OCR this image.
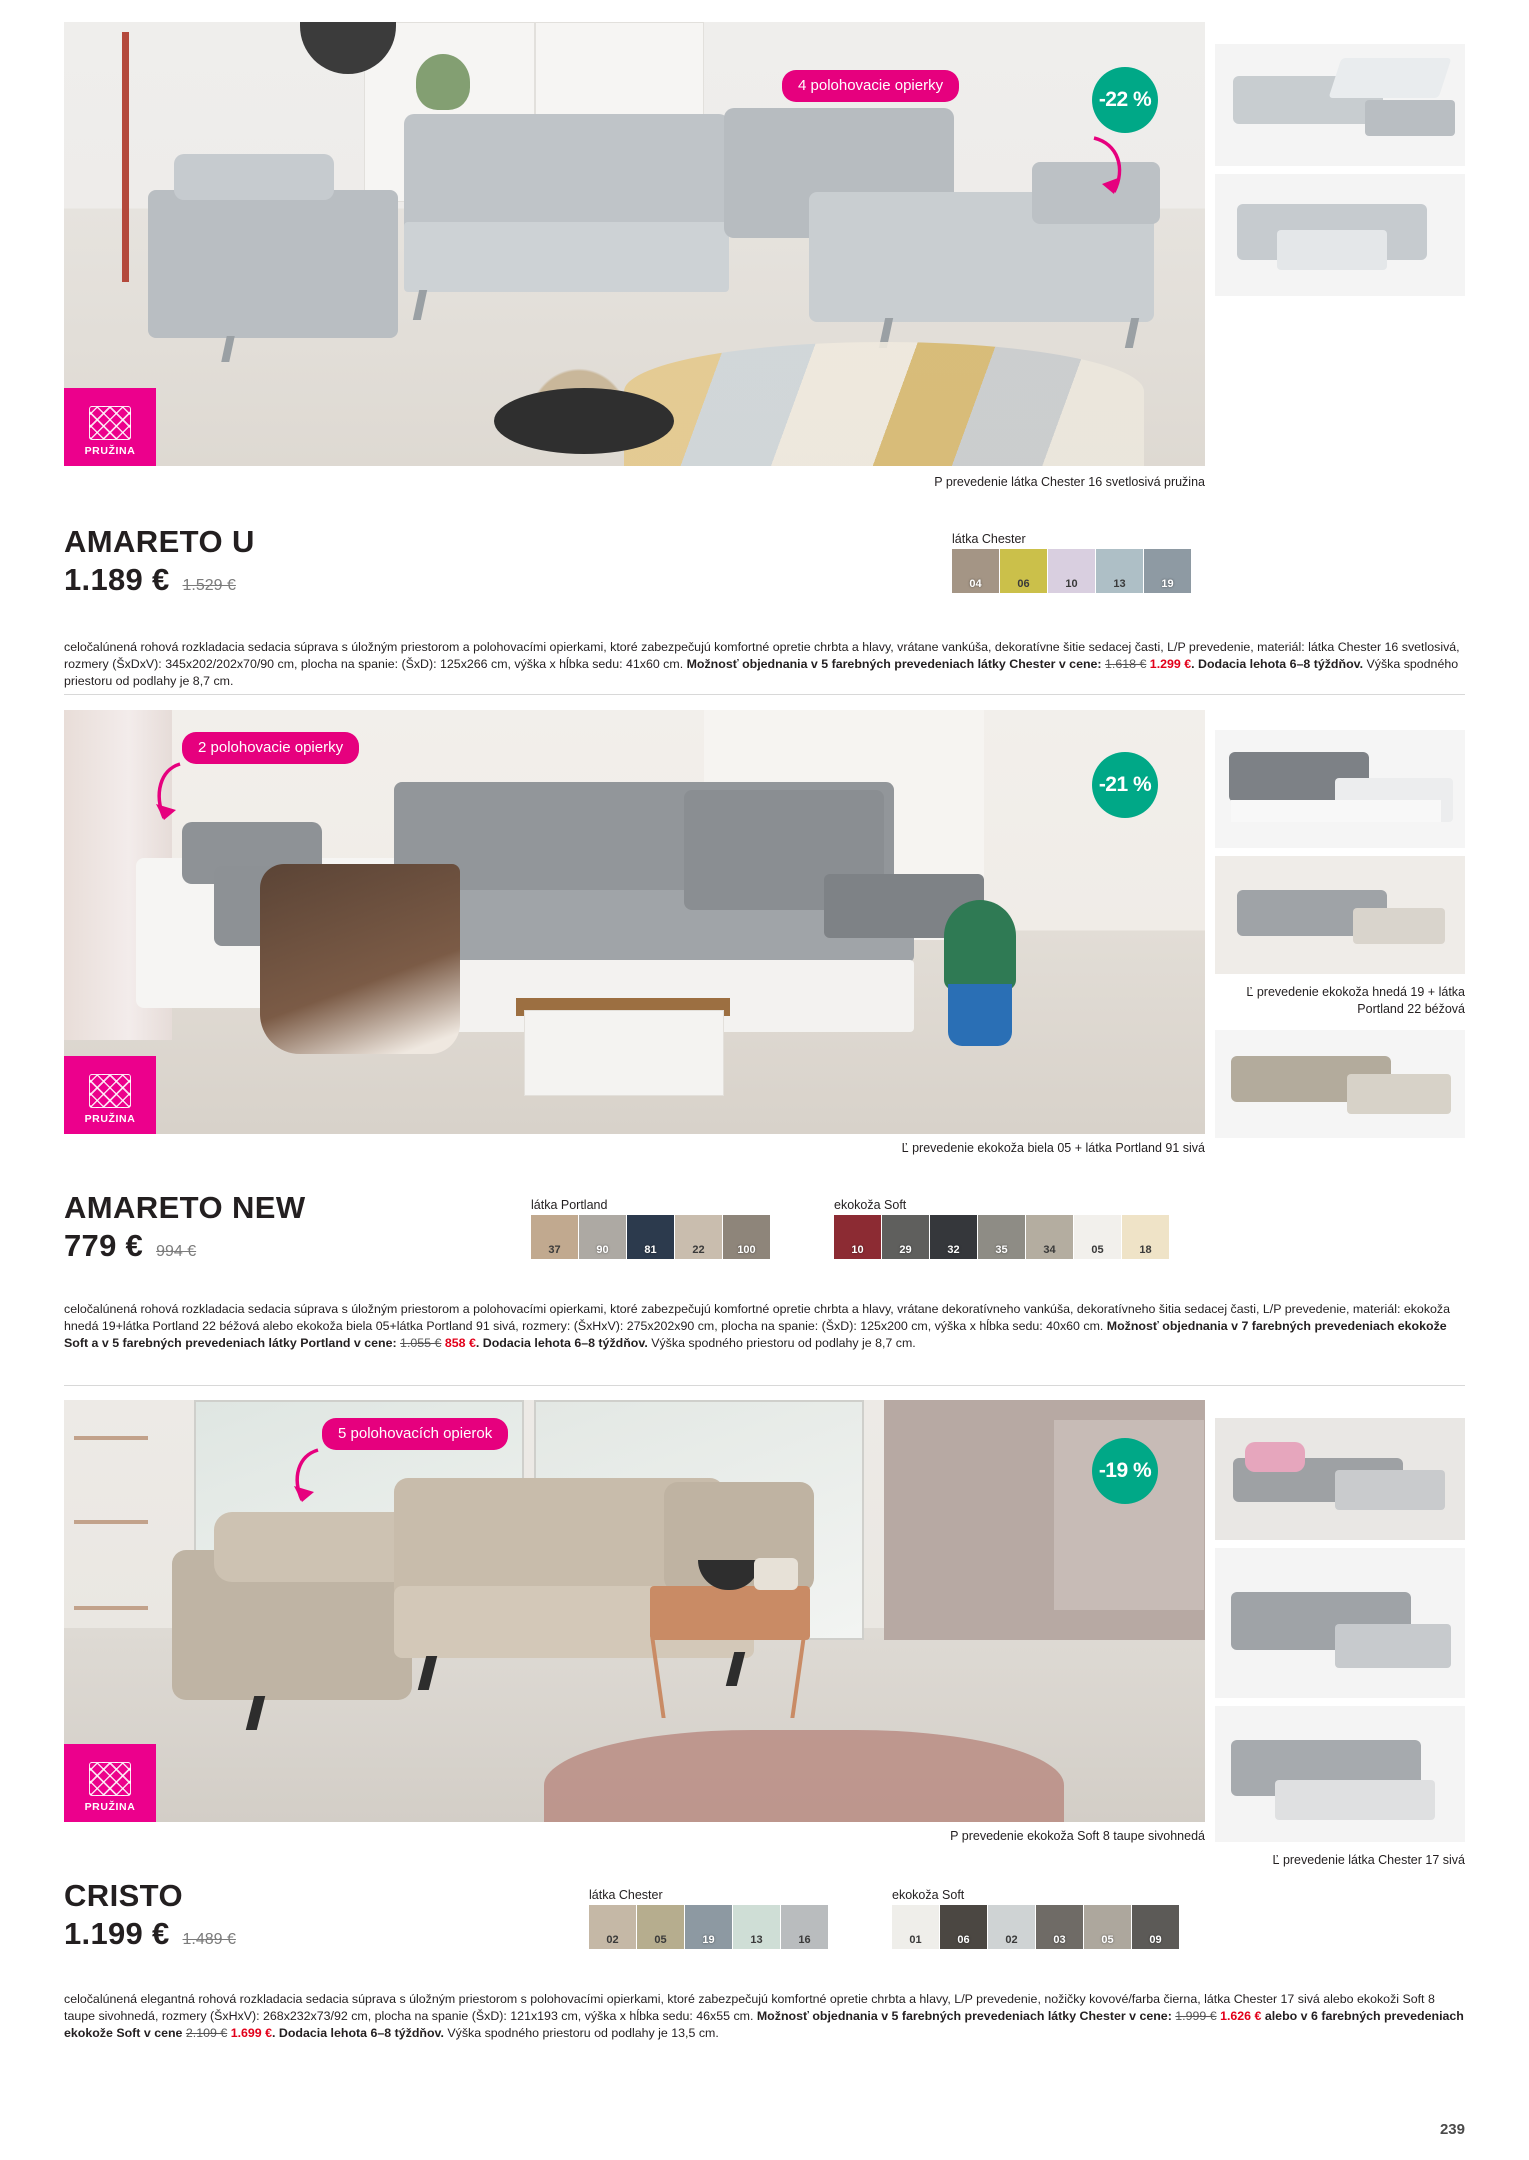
4 polohovacie opierky
-22 %
PRUŽINA
P prevedenie látka Chester 16 svetlosivá pružina
AMARETO U
1.189 € 1.529 €
látka Chester
04	06	10	13	19
celočalúnená rohová rozkladacia sedacia súprava s úložným priestorom a polohovacími opierkami, ktoré zabezpečujú komfortné opretie chrbta a hlavy, vrátane vankúša, dekoratívne šitie sedacej časti, L/P prevedenie, materiál: látka Chester 16 svetlosivá, rozmery (ŠxDxV): 345x202/202x70/90 cm, plocha na spanie: (ŠxD): 125x266 cm, výška x hĺbka sedu: 41x60 cm. Možnosť objednania v 5 farebných prevedeniach látky Chester v cene: 1.618 € 1.299 €. Dodacia lehota 6–8 týždňov. Výška spodného priestoru od podlahy je 8,7 cm.
2 polohovacie opierky
-21 %
PRUŽINA
Ľ prevedenie ekokoža hnedá 19 + látka Portland 22 béžová
Ľ prevedenie ekokoža biela 05 + látka Portland 91 sivá
AMARETO NEW
779 € 994 €
látka Portland
37	90	81	22	100
ekokoža Soft
10	29	32	35	34	05	18
celočalúnená rohová rozkladacia sedacia súprava s úložným priestorom a polohovacími opierkami, ktoré zabezpečujú komfortné opretie chrbta a hlavy, vrátane dekoratívneho vankúša, dekoratívneho šitia sedacej časti, L/P prevedenie, materiál: ekokoža hnedá 19+látka Portland 22 béžová alebo ekokoža biela 05+látka Portland 91 sivá, rozmery: (ŠxHxV): 275x202x90 cm, plocha na spanie: (ŠxD): 125x200 cm, výška x hĺbka sedu: 40x60 cm. Možnosť objednania v 7 farebných prevedeniach ekokože Soft a v 5 farebných prevedeniach látky Portland v cene: 1.055 € 858 €. Dodacia lehota 6–8 týždňov. Výška spodného priestoru od podlahy je 8,7 cm.
5 polohovacích opierok
-19 %
PRUŽINA
Ľ prevedenie látka Chester 17 sivá
P prevedenie ekokoža Soft 8 taupe sivohnedá
CRISTO
1.199 € 1.489 €
látka Chester
02	05	19	13	16
ekokoža Soft
01	06	02	03	05	09
celočalúnená elegantná rohová rozkladacia sedacia súprava s úložným priestorom s polohovacími opierkami, ktoré zabezpečujú komfortné opretie chrbta a hlavy, L/P prevedenie, nožičky kovové/farba čierna, látka Chester 17 sivá alebo ekokoži Soft 8 taupe sivohnedá, rozmery (ŠxHxV): 268x232x73/92 cm, plocha na spanie (ŠxD): 121x193 cm, výška x hĺbka sedu: 46x55 cm. Možnosť objednania v 5 farebných prevedeniach látky Chester v cene: 1.999 € 1.626 € alebo v 6 farebných prevedeniach ekokože Soft v cene 2.109 € 1.699 €. Dodacia lehota 6–8 týždňov. Výška spodného priestoru od podlahy je 13,5 cm.
239
